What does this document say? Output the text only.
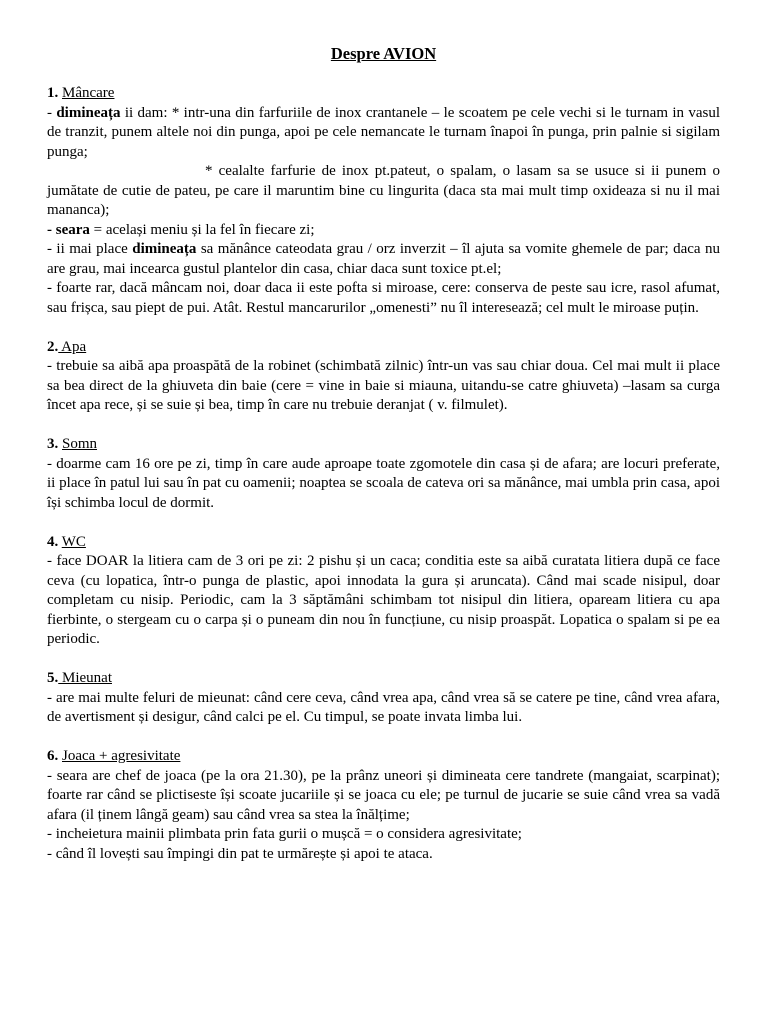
Despre AVION
1. Mâncare

- dimineața ii dam: * intr-una din farfuriile de inox crantanele – le scoatem pe cele vechi si le turnam in vasul de tranzit, punem altele noi din punga, apoi pe cele nemancate le turnam înapoi în punga, prin palnie si sigilam punga;

* cealalte farfurie de inox pt.pateut, o spalam, o lasam sa se usuce si ii punem o jumătate de cutie de pateu, pe care il maruntim bine cu lingurita (daca sta mai mult timp oxideaza si nu il mai mananca);

- seara = același meniu și la fel în fiecare zi;

- ii mai place dimineața sa mănânce cateodata grau / orz inverzit – îl ajuta sa vomite ghemele de par; daca nu are grau, mai incearca gustul plantelor din casa, chiar daca sunt toxice pt.el;

- foarte rar, dacă mâncam noi, doar daca ii este pofta si miroase, cere: conserva de peste sau icre, rasol afumat, sau frișca, sau piept de pui. Atât. Restul mancarurilor „omenesti” nu îl interesează; cel mult le miroase puțin.

2. Apa

- trebuie sa aibă apa proaspătă de la robinet (schimbată zilnic) într-un vas sau chiar doua. Cel mai mult ii place sa bea direct de la ghiuveta din baie (cere = vine in baie si miauna, uitandu-se catre ghiuveta) –lasam sa curga încet apa rece, și se suie și bea, timp în care nu trebuie deranjat ( v. filmulet).

3. Somn

- doarme cam 16 ore pe zi, timp în care aude aproape toate zgomotele din casa și de afara; are locuri preferate, ii place în patul lui sau în pat cu oamenii; noaptea se scoala de cateva ori sa mănânce, mai umbla prin casa, apoi își schimba locul de dormit.

4. WC

- face DOAR la litiera cam de 3 ori pe zi: 2 pishu și un caca; conditia este sa aibă curatata litiera după ce face ceva (cu lopatica, într-o punga de plastic, apoi innodata la gura și aruncata). Când mai scade nisipul, doar completam cu nisip. Periodic, cam la 3 săptămâni schimbam tot nisipul din litiera, opaream litiera cu apa fierbinte, o stergeam cu o carpa și o puneam din nou în funcțiune, cu nisip proaspăt. Lopatica o spalam si pe ea periodic.

5. Mieunat

- are mai multe feluri de mieunat: când cere ceva, când vrea apa, când vrea să se catere pe tine, când vrea afara, de avertisment și desigur, când calci pe el. Cu timpul, se poate invata limba lui.

6. Joaca + agresivitate

- seara are chef de joaca (pe la ora 21.30), pe la prânz uneori și dimineata cere tandrete (mangaiat, scarpinat); foarte rar când se plictiseste își scoate jucariile și se joaca cu ele; pe turnul de jucarie se suie când vrea sa vadă afara (il ținem lângă geam) sau când vrea sa stea la înălțime;

- incheietura mainii plimbata prin fata gurii o mușcă = o considera agresivitate;

- când îl lovești sau împingi din pat te urmărește și apoi te ataca.
